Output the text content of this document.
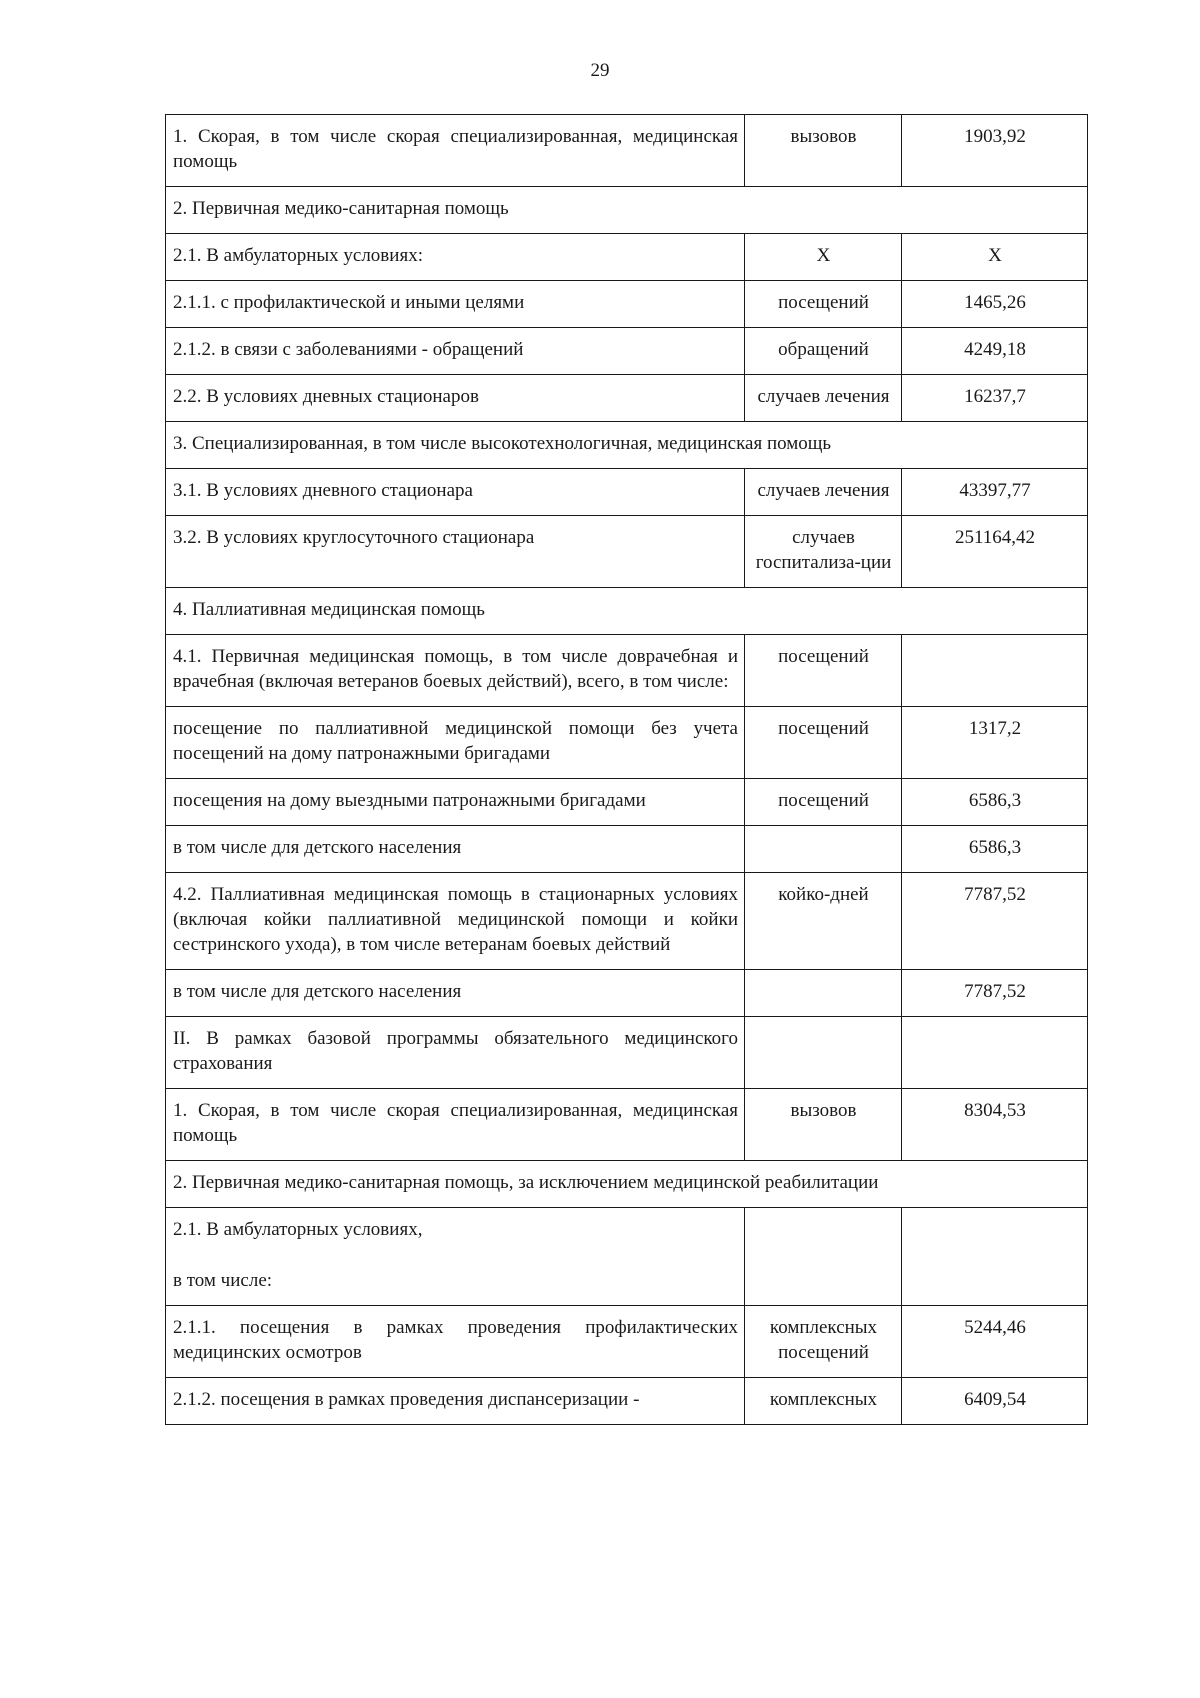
29
1. Скорая, в том числе скорая специализированная, медицинская помощь	вызовов	1903,92
2. Первичная медико-санитарная помощь		
2.1. В амбулаторных условиях:	X	X
2.1.1. с профилактической и иными целями	посещений	1465,26
2.1.2. в связи с заболеваниями - обращений	обращений	4249,18
2.2. В условиях дневных стационаров	случаев лечения	16237,7
3. Специализированная, в том числе высокотехнологичная, медицинская помощь		
3.1. В условиях дневного стационара	случаев лечения	43397,77
3.2. В условиях круглосуточного стационара	случаев госпитализа-ции	251164,42
4. Паллиативная медицинская помощь		
4.1. Первичная медицинская помощь, в том числе доврачебная и врачебная (включая ветеранов боевых действий), всего, в том числе:	посещений	
посещение по паллиативной медицинской помощи без учета посещений на дому патронажными бригадами	посещений	1317,2
посещения на дому выездными патронажными бригадами	посещений	6586,3
в том числе для детского населения		6586,3
4.2. Паллиативная медицинская помощь в стационарных условиях (включая койки паллиативной медицинской помощи и койки сестринского ухода), в том числе ветеранам боевых действий	койко-дней	7787,52
в том числе для детского населения		7787,52
II. В рамках базовой программы обязательного медицинского страхования		
1. Скорая, в том числе скорая специализированная, медицинская помощь	вызовов	8304,53
2. Первичная медико-санитарная помощь, за исключением медицинской реабилитации		
2.1. В амбулаторных условиях,
в том числе:		
2.1.1. посещения в рамках проведения профилактических медицинских осмотров	комплексных посещений	5244,46
2.1.2. посещения в рамках проведения диспансеризации -	комплексных	6409,54
